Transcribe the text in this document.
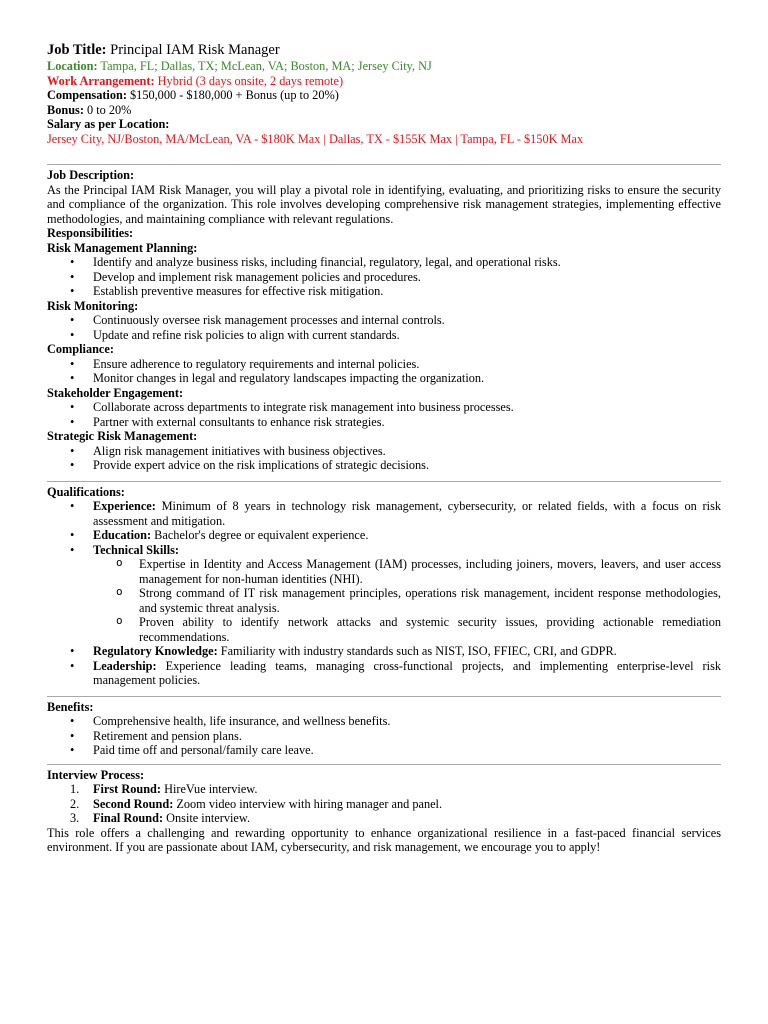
Job Title: Principal IAM Risk Manager
Location: Tampa, FL; Dallas, TX; McLean, VA; Boston, MA; Jersey City, NJ
Work Arrangement: Hybrid (3 days onsite, 2 days remote)
Compensation: $150,000 - $180,000 + Bonus (up to 20%)
Bonus: 0 to 20%
Salary as per Location:
Jersey City, NJ/Boston, MA/McLean, VA - $180K Max | Dallas, TX - $155K Max | Tampa, FL - $150K Max
Job Description:
As the Principal IAM Risk Manager, you will play a pivotal role in identifying, evaluating, and prioritizing risks to ensure the security and compliance of the organization. This role involves developing comprehensive risk management strategies, implementing effective methodologies, and maintaining compliance with relevant regulations.
Responsibilities:
Risk Management Planning:
• Identify and analyze business risks, including financial, regulatory, legal, and operational risks.
• Develop and implement risk management policies and procedures.
• Establish preventive measures for effective risk mitigation.
Risk Monitoring:
• Continuously oversee risk management processes and internal controls.
• Update and refine risk policies to align with current standards.
Compliance:
• Ensure adherence to regulatory requirements and internal policies.
• Monitor changes in legal and regulatory landscapes impacting the organization.
Stakeholder Engagement:
• Collaborate across departments to integrate risk management into business processes.
• Partner with external consultants to enhance risk strategies.
Strategic Risk Management:
• Align risk management initiatives with business objectives.
• Provide expert advice on the risk implications of strategic decisions.
Qualifications:
• Experience: Minimum of 8 years in technology risk management, cybersecurity, or related fields, with a focus on risk assessment and mitigation.
• Education: Bachelor's degree or equivalent experience.
• Technical Skills:
o Expertise in Identity and Access Management (IAM) processes, including joiners, movers, leavers, and user access management for non-human identities (NHI).
o Strong command of IT risk management principles, operations risk management, incident response methodologies, and systemic threat analysis.
o Proven ability to identify network attacks and systemic security issues, providing actionable remediation recommendations.
• Regulatory Knowledge: Familiarity with industry standards such as NIST, ISO, FFIEC, CRI, and GDPR.
• Leadership: Experience leading teams, managing cross-functional projects, and implementing enterprise-level risk management policies.
Benefits:
• Comprehensive health, life insurance, and wellness benefits.
• Retirement and pension plans.
• Paid time off and personal/family care leave.
Interview Process:
1. First Round: HireVue interview.
2. Second Round: Zoom video interview with hiring manager and panel.
3. Final Round: Onsite interview.
This role offers a challenging and rewarding opportunity to enhance organizational resilience in a fast-paced financial services environment. If you are passionate about IAM, cybersecurity, and risk management, we encourage you to apply!
